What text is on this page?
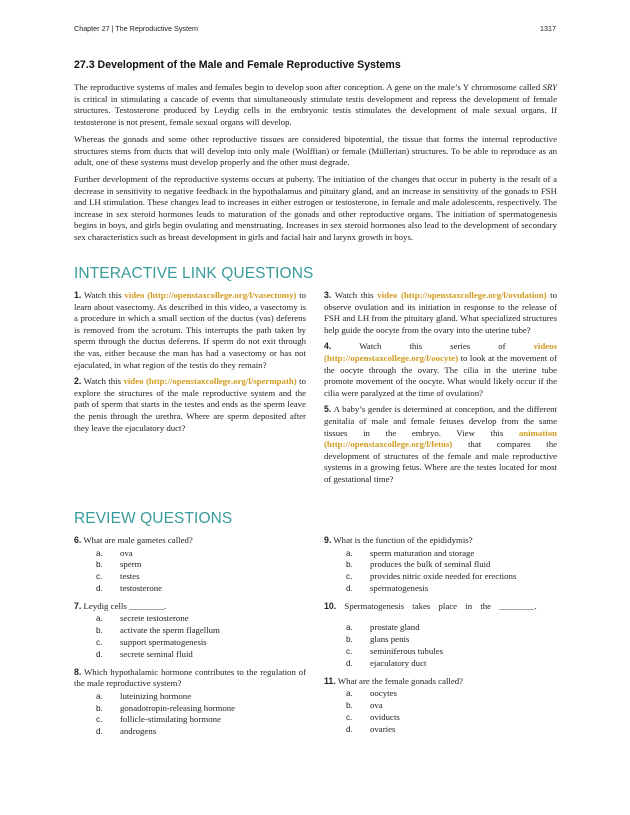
Chapter 27 | The Reproductive System	1317
27.3 Development of the Male and Female Reproductive Systems

The reproductive systems of males and females begin to develop soon after conception. A gene on the male’s Y chromosome called SRY is critical in stimulating a cascade of events that simultaneously stimulate testis development and repress the development of female structures. Testosterone produced by Leydig cells in the embryonic testis stimulates the development of male sexual organs. If testosterone is not present, female sexual organs will develop.

Whereas the gonads and some other reproductive tissues are considered bipotential, the tissue that forms the internal reproductive structures stems from ducts that will develop into only male (Wolffian) or female (Müllerian) structures. To be able to reproduce as an adult, one of these systems must develop properly and the other must degrade.

Further development of the reproductive systems occurs at puberty. The initiation of the changes that occur in puberty is the result of a decrease in sensitivity to negative feedback in the hypothalamus and pituitary gland, and an increase in sensitivity of the gonads to FSH and LH stimulation. These changes lead to increases in either estrogen or testosterone, in female and male adolescents, respectively. The increase in sex steroid hormones leads to maturation of the gonads and other reproductive organs. The initiation of spermatogenesis begins in boys, and girls begin ovulating and menstruating. Increases in sex steroid hormones also lead to the development of secondary sex characteristics such as breast development in girls and facial hair and larynx growth in boys.

INTERACTIVE LINK QUESTIONS

1. Watch this video (http://openstaxcollege.org/l/vasectomy) to learn about vasectomy. As described in this video, a vasectomy is a procedure in which a small section of the ductus (vas) deferens is removed from the scrotum. This interrupts the path taken by sperm through the ductus deferens. If sperm do not exit through the vas, either because the man has had a vasectomy or has not ejaculated, in what region of the testis do they remain?

2. Watch this video (http://openstaxcollege.org/l/spermpath) to explore the structures of the male reproductive system and the path of sperm that starts in the testes and ends as the sperm leave the penis through the urethra. Where are sperm deposited after they leave the ejaculatory duct?

3. Watch this video (http://openstaxcollege.org/l/ovulation) to observe ovulation and its initiation in response to the release of FSH and LH from the pituitary gland. What specialized structures help guide the oocyte from the ovary into the uterine tube?

4. Watch this series of videos (http://openstaxcollege.org/l/oocyte) to look at the movement of the oocyte through the ovary. The cilia in the uterine tube promote movement of the oocyte. What would likely occur if the cilia were paralyzed at the time of ovulation?

5. A baby’s gender is determined at conception, and the different genitalia of male and female fetuses develop from the same tissues in the embryo. View this animation (http://openstaxcollege.org/l/fetus) that compares the development of structures of the female and male reproductive systems in a growing fetus. Where are the testes located for most of gestational time?

REVIEW QUESTIONS

6. What are male gametes called?

a.	ova
b.	sperm
c.	testes
d.	testosterone

7. Leydig cells ________.

a.	secrete testosterone
b.	activate the sperm flagellum
c.	support spermatogenesis
d.	secrete seminal fluid

8. Which hypothalamic hormone contributes to the regulation of the male reproductive system?

a.	luteinizing hormone
b.	gonadotropin-releasing hormone
c.	follicle-stimulating hormone
d.	androgens

9. What is the function of the epididymis?

a.	sperm maturation and storage
b.	produces the bulk of seminal fluid
c.	provides nitric oxide needed for erections
d.	spermatogenesis

10. Spermatogenesis takes place in the ________.

a.	prostate gland
b.	glans penis
c.	seminiferous tubules
d.	ejaculatory duct

11. What are the female gonads called?

a.	oocytes
b.	ova
c.	oviducts
d.	ovaries
